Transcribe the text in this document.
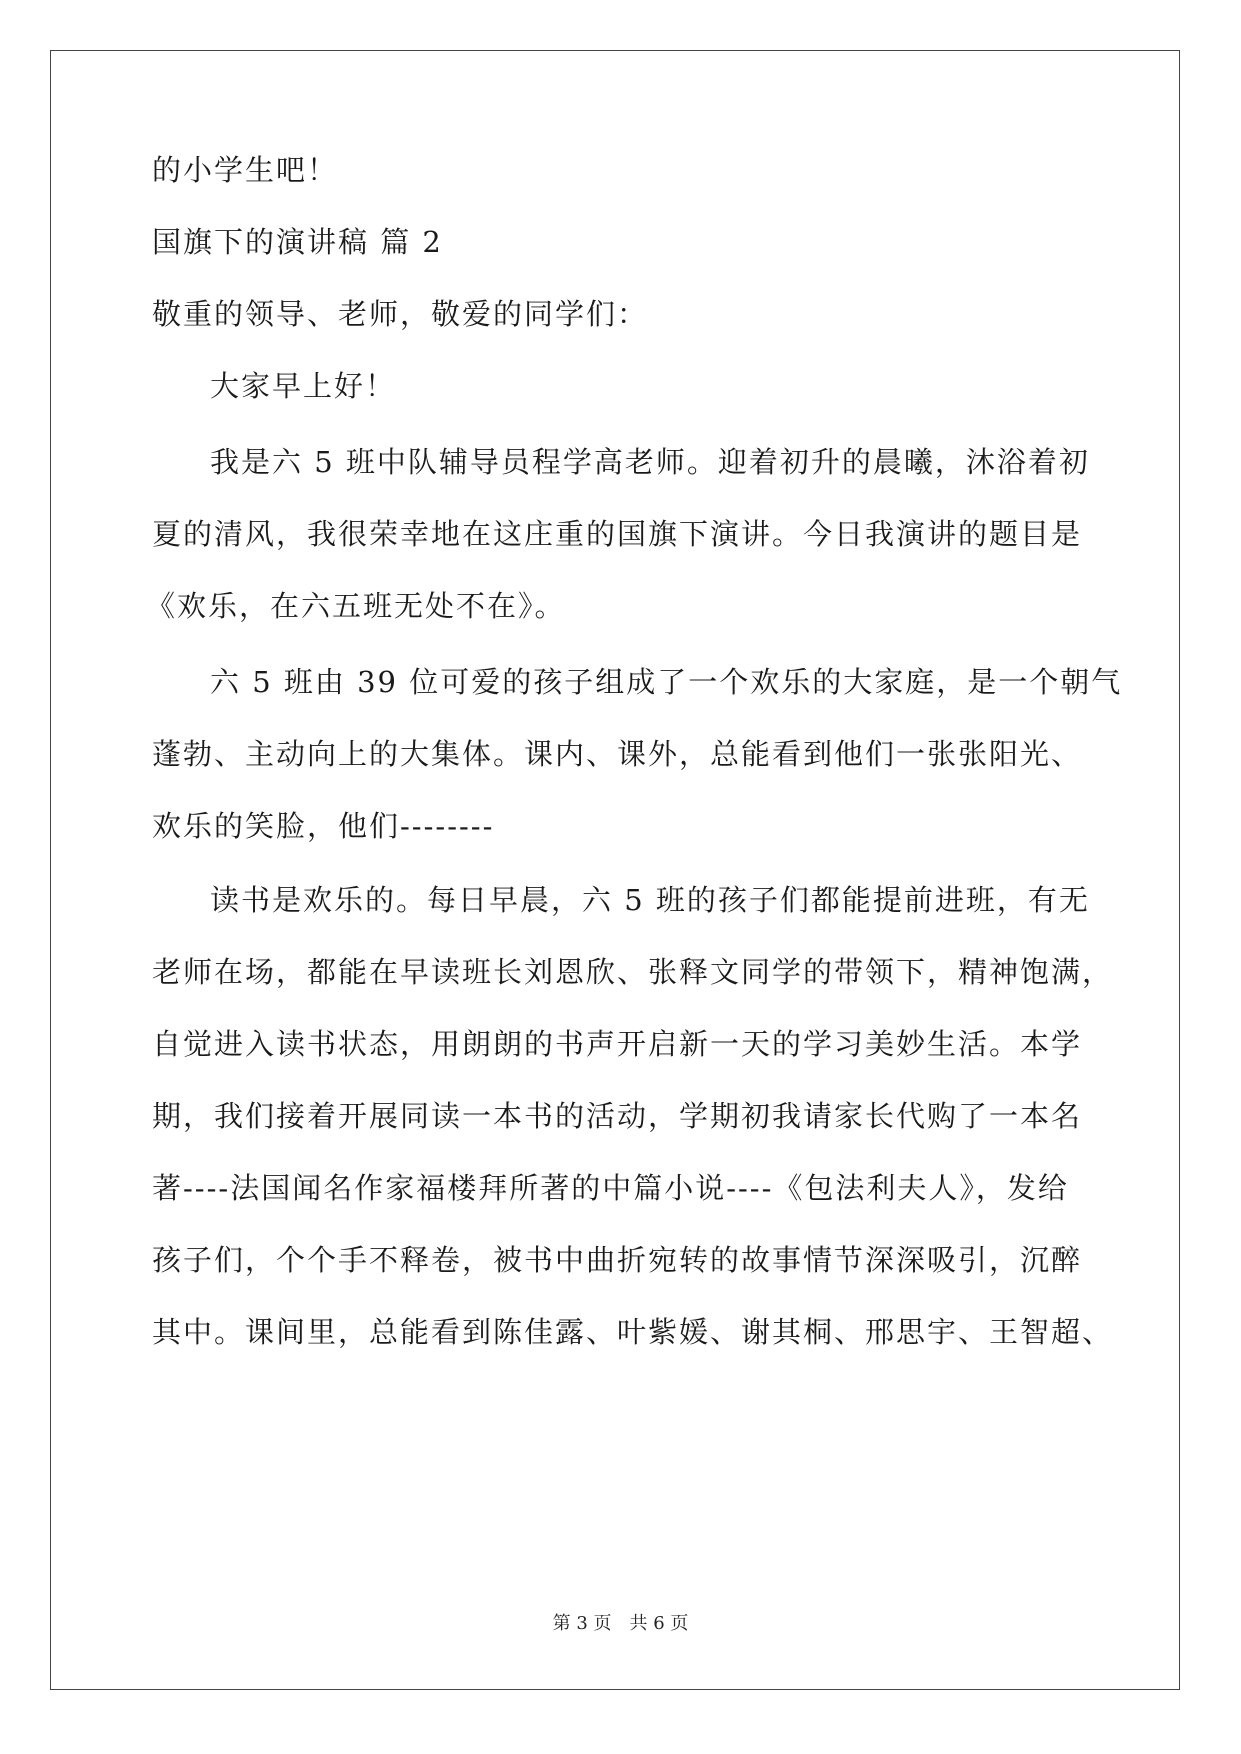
的小学生吧！
国旗下的演讲稿 篇 2
敬重的领导、老师，敬爱的同学们：
大家早上好！
我是六 5 班中队辅导员程学高老师。迎着初升的晨曦，沐浴着初
夏的清风，我很荣幸地在这庄重的国旗下演讲。今日我演讲的题目是
《欢乐，在六五班无处不在》。
六 5 班由 39 位可爱的孩子组成了一个欢乐的大家庭，是一个朝气
蓬勃、主动向上的大集体。课内、课外，总能看到他们一张张阳光、
欢乐的笑脸，他们--------
读书是欢乐的。每日早晨，六 5 班的孩子们都能提前进班，有无
老师在场，都能在早读班长刘恩欣、张释文同学的带领下，精神饱满，
自觉进入读书状态，用朗朗的书声开启新一天的学习美妙生活。本学
期，我们接着开展同读一本书的活动，学期初我请家长代购了一本名
著----法国闻名作家福楼拜所著的中篇小说----《包法利夫人》，发给
孩子们，个个手不释卷，被书中曲折宛转的故事情节深深吸引，沉醉
其中。课间里，总能看到陈佳露、叶紫媛、谢其桐、邢思宇、王智超、
第 3 页　共 6 页
